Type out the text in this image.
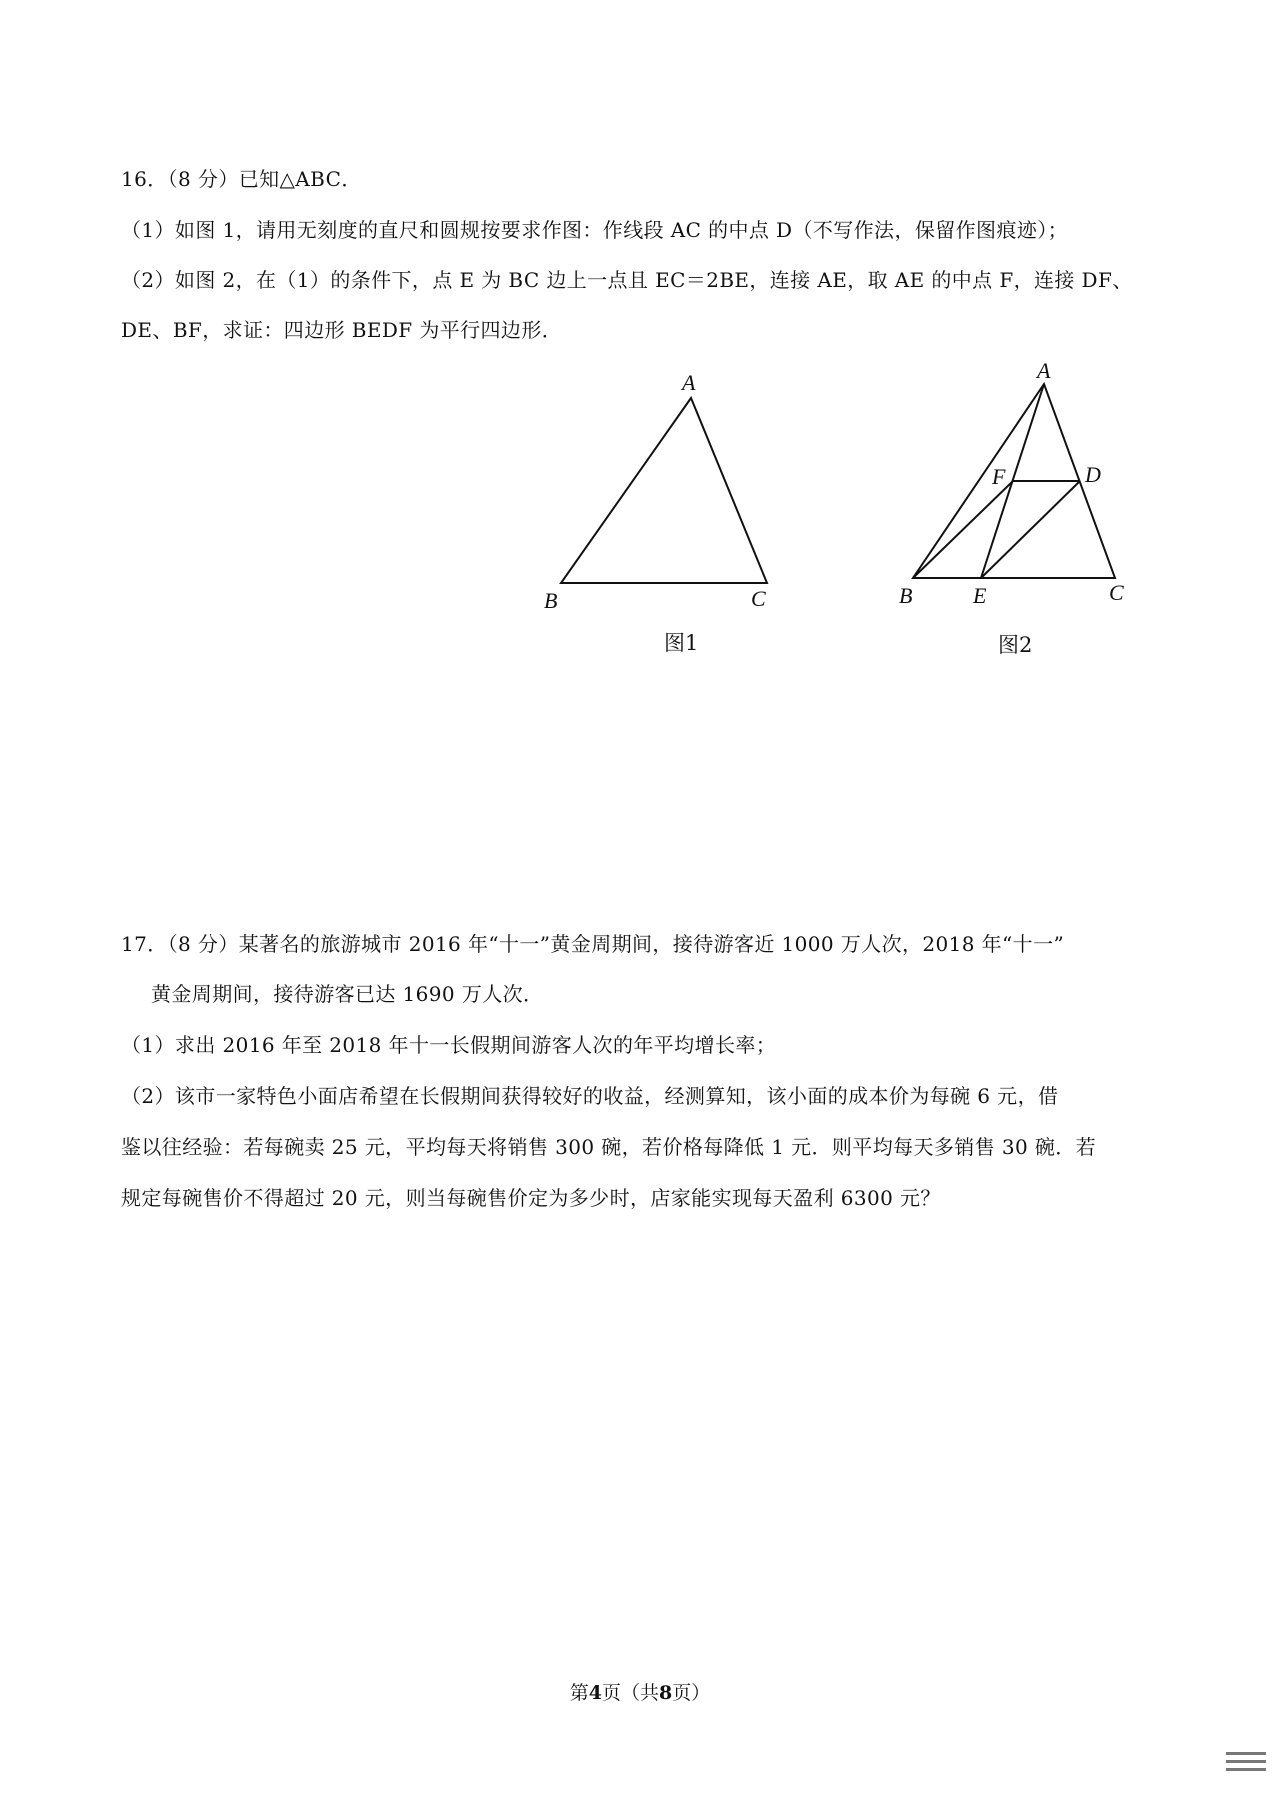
16．（8 分）已知△ABC．
（1）如图 1，请用无刻度的直尺和圆规按要求作图：作线段 AC 的中点 D（不写作法，保留作图痕迹）；
（2）如图 2，在（1）的条件下，点 E 为 BC 边上一点且 EC＝2BE，连接 AE，取 AE 的中点 F，连接 DF、
DE、BF，求证：四边形 BEDF 为平行四边形．
A
B	C
图1
A
F	D
B	E	C
图2
17．（8 分）某著名的旅游城市 2016 年“十一”黄金周期间，接待游客近 1000 万人次，2018 年“十一”
黄金周期间，接待游客已达 1690 万人次．
（1）求出 2016 年至 2018 年十一长假期间游客人次的年平均增长率；
（2）该市一家特色小面店希望在长假期间获得较好的收益，经测算知，该小面的成本价为每碗 6 元，借
鉴以往经验：若每碗卖 25 元，平均每天将销售 300 碗，若价格每降低 1 元．则平均每天多销售 30 碗．若
规定每碗售价不得超过 20 元，则当每碗售价定为多少时，店家能实现每天盈利 6300 元？
第4页（共8页）
